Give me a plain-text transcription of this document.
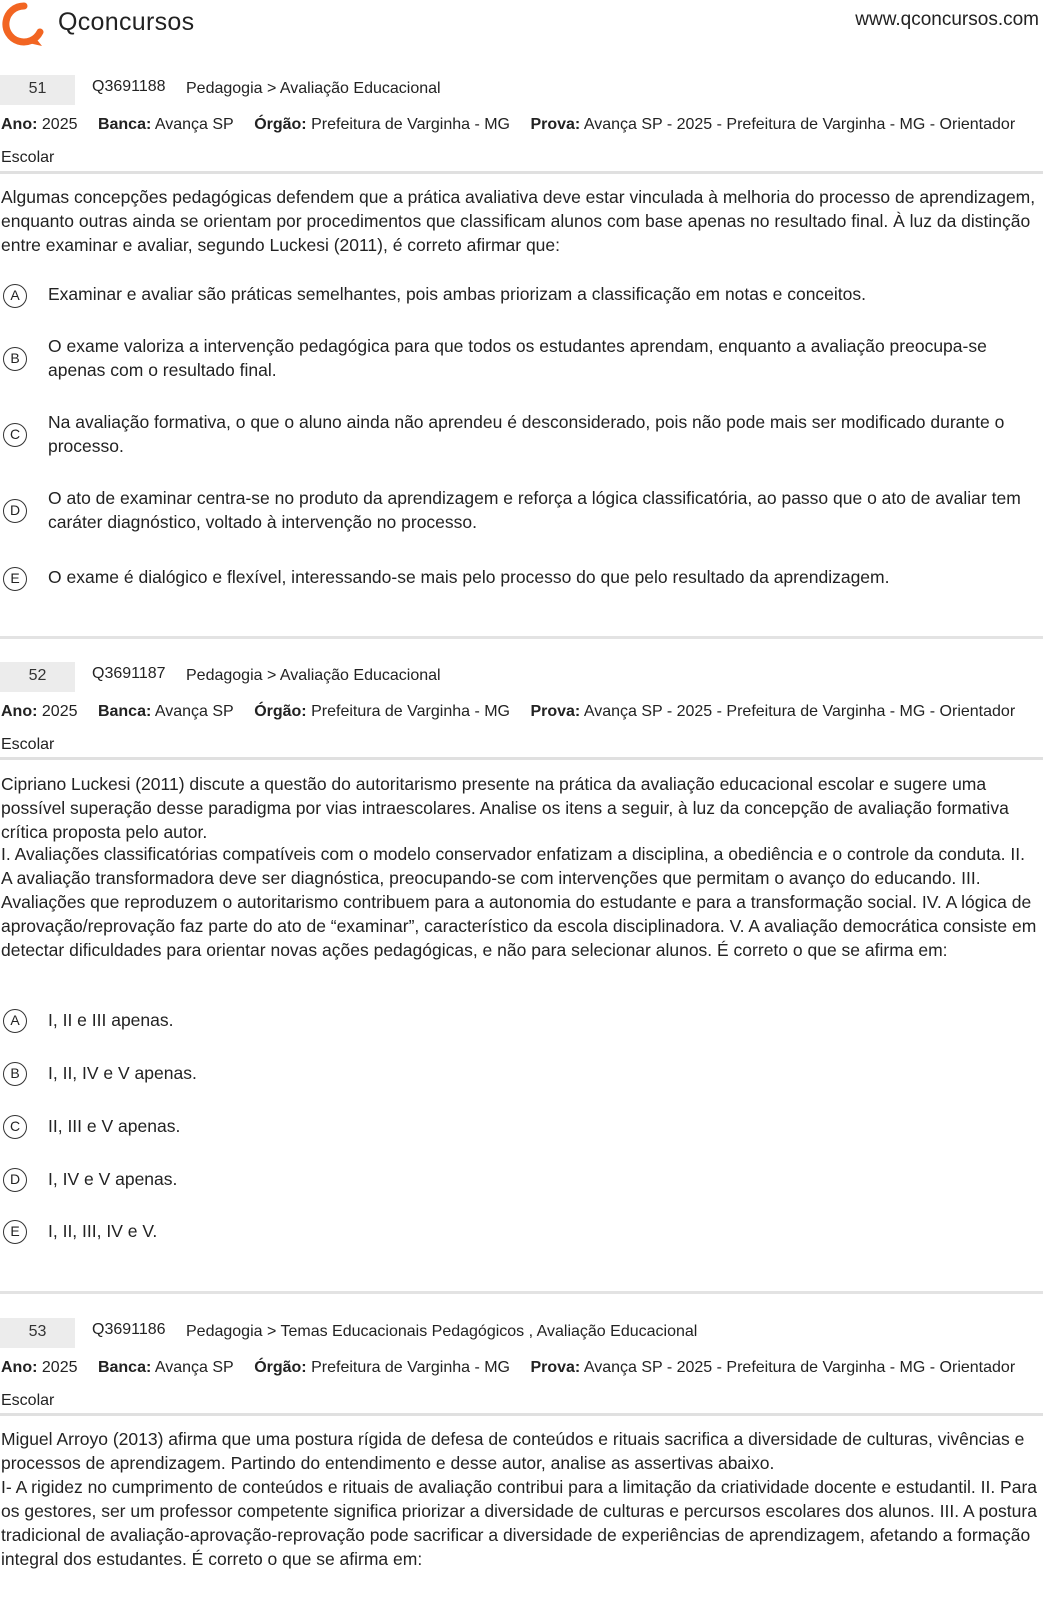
Qconcursos	www.qconcursos.com
51	Q3691188 Pedagogia > Avaliação Educacional
Ano: 2025 Banca: Avança SP Órgão: Prefeitura de Varginha - MG Prova: Avança SP - 2025 - Prefeitura de Varginha - MG - Orientador Escolar
Algumas concepções pedagógicas defendem que a prática avaliativa deve estar vinculada à melhoria do processo de aprendizagem, enquanto outras ainda se orientam por procedimentos que classificam alunos com base apenas no resultado final. À luz da distinção entre examinar e avaliar, segundo Luckesi (2011), é correto afirmar que:
A	Examinar e avaliar são práticas semelhantes, pois ambas priorizam a classificação em notas e conceitos.
B
O exame valoriza a intervenção pedagógica para que todos os estudantes aprendam, enquanto a avaliação preocupa-se apenas com o resultado final.
C
Na avaliação formativa, o que o aluno ainda não aprendeu é desconsiderado, pois não pode mais ser modificado durante o processo.
D
O ato de examinar centra-se no produto da aprendizagem e reforça a lógica classificatória, ao passo que o ato de avaliar tem caráter diagnóstico, voltado à intervenção no processo.
E	O exame é dialógico e flexível, interessando-se mais pelo processo do que pelo resultado da aprendizagem.
52	Q3691187 Pedagogia > Avaliação Educacional
Ano: 2025 Banca: Avança SP Órgão: Prefeitura de Varginha - MG Prova: Avança SP - 2025 - Prefeitura de Varginha - MG - Orientador Escolar
Cipriano Luckesi (2011) discute a questão do autoritarismo presente na prática da avaliação educacional escolar e sugere uma possível superação desse paradigma por vias intraescolares. Analise os itens a seguir, à luz da concepção de avaliação formativa crítica proposta pelo autor.
I. Avaliações classificatórias compatíveis com o modelo conservador enfatizam a disciplina, a obediência e o controle da conduta. II. A avaliação transformadora deve ser diagnóstica, preocupando-se com intervenções que permitam o avanço do educando. III. Avaliações que reproduzem o autoritarismo contribuem para a autonomia do estudante e para a transformação social. IV. A lógica de aprovação/reprovação faz parte do ato de “examinar”, característico da escola disciplinadora. V. A avaliação democrática consiste em detectar dificuldades para orientar novas ações pedagógicas, e não para selecionar alunos. É correto o que se afirma em:
A	I, II e III apenas.
B	I, II, IV e V apenas.
C	II, III e V apenas.
D	I, IV e V apenas.
E	I, II, III, IV e V.
53	Q3691186 Pedagogia > Temas Educacionais Pedagógicos , Avaliação Educacional
Ano: 2025 Banca: Avança SP Órgão: Prefeitura de Varginha - MG Prova: Avança SP - 2025 - Prefeitura de Varginha - MG - Orientador Escolar
Miguel Arroyo (2013) afirma que uma postura rígida de defesa de conteúdos e rituais sacrifica a diversidade de culturas, vivências e processos de aprendizagem. Partindo do entendimento e desse autor, analise as assertivas abaixo.
I- A rigidez no cumprimento de conteúdos e rituais de avaliação contribui para a limitação da criatividade docente e estudantil. II. Para os gestores, ser um professor competente significa priorizar a diversidade de culturas e percursos escolares dos alunos. III. A postura tradicional de avaliação-aprovação-reprovação pode sacrificar a diversidade de experiências de aprendizagem, afetando a formação integral dos estudantes. É correto o que se afirma em:
